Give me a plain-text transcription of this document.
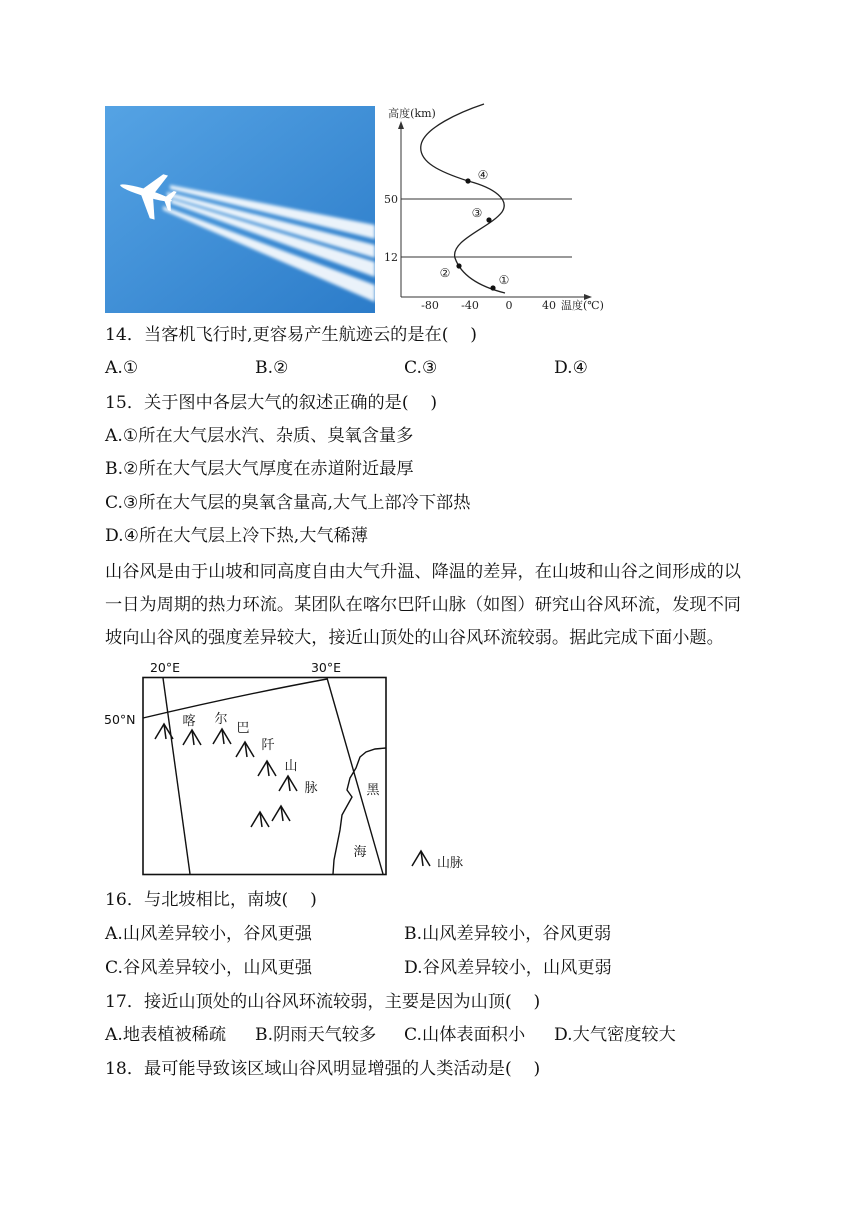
高度(km)
50
12
-80 -40 0	40 温度(℃)
①
②
③
④
14．当客机飞行时,更容易产生航迹云的是在(    )
A.①	B.②	C.③	D.④
15．关于图中各层大气的叙述正确的是(    )
A.①所在大气层水汽、杂质、臭氧含量多
B.②所在大气层大气厚度在赤道附近最厚
C.③所在大气层的臭氧含量高,大气上部冷下部热
D.④所在大气层上冷下热,大气稀薄
山谷风是由于山坡和同高度自由大气升温、降温的差异，在山坡和山谷之间形成的以
一日为周期的热力环流。某团队在喀尔巴阡山脉（如图）研究山谷风环流，发现不同
坡向山谷风的强度差异较大，接近山顶处的山谷风环流较弱。据此完成下面小题。
20°E	30°E
50°N	喀 尔
巴
阡
山
脉	黑
海
山脉
16．与北坡相比，南坡(    )
A.山风差异较小，谷风更强	B.山风差异较小，谷风更弱
C.谷风差异较小，山风更强	D.谷风差异较小，山风更弱
17．接近山顶处的山谷风环流较弱，主要是因为山顶(    )
A.地表植被稀疏 B.阴雨天气较多 C.山体表面积小 D.大气密度较大
18．最可能导致该区域山谷风明显增强的人类活动是(    )
